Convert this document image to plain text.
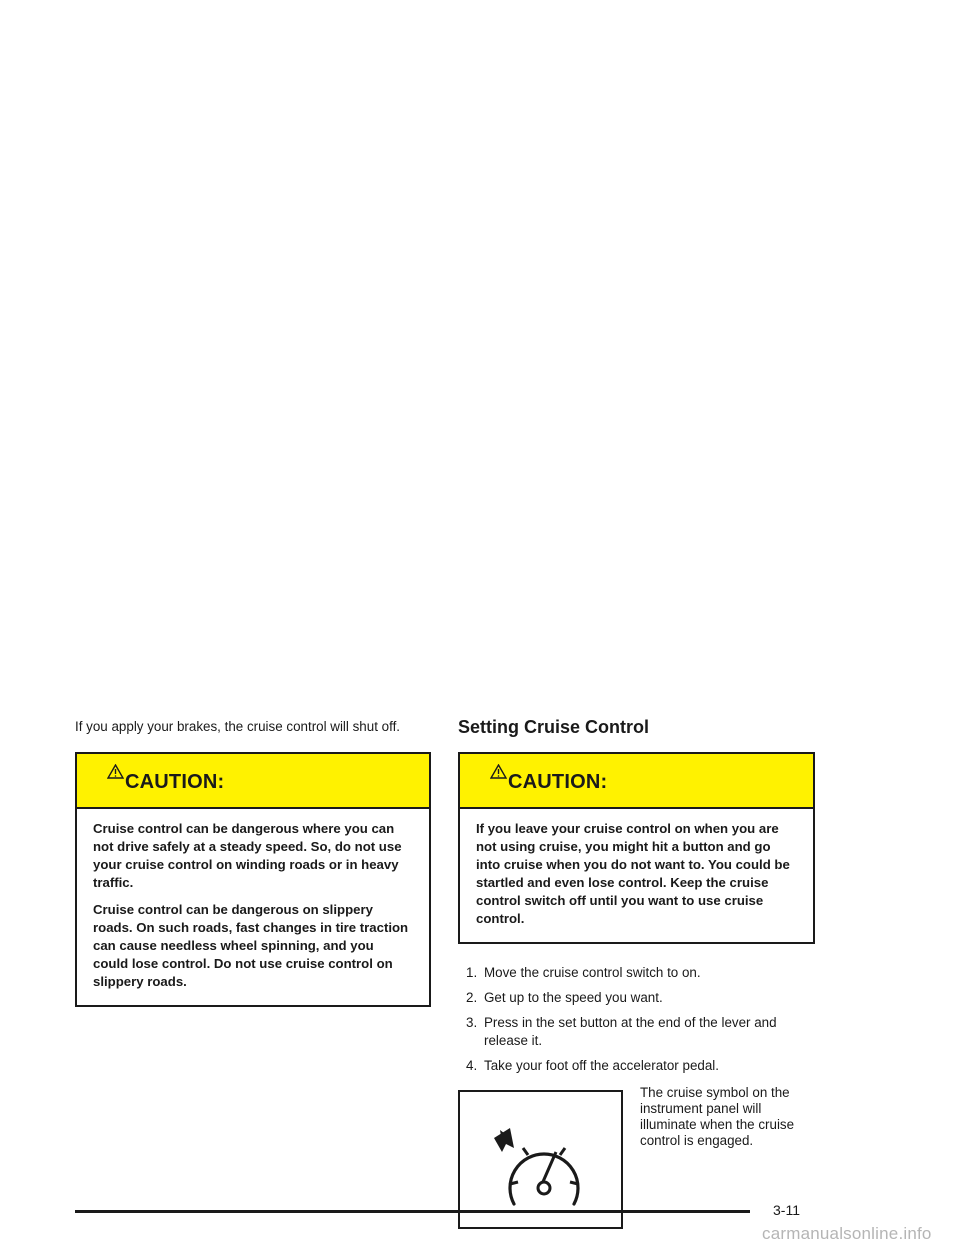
If you apply your brakes, the cruise control will shut off.

CAUTION:

Cruise control can be dangerous where you can not drive safely at a steady speed. So, do not use your cruise control on winding roads or in heavy traffic.

Cruise control can be dangerous on slippery roads. On such roads, fast changes in tire traction can cause needless wheel spinning, and you could lose control. Do not use cruise control on slippery roads.

Setting Cruise Control
CAUTION:

If you leave your cruise control on when you are not using cruise, you might hit a button and go into cruise when you do not want to. You could be startled and even lose control. Keep the cruise control switch off until you want to use cruise control.

1. Move the cruise control switch to on.
2. Get up to the speed you want.
3. Press in the set button at the end of the lever and release it.
4. Take your foot off the accelerator pedal.
The cruise symbol on the instrument panel will illuminate when the cruise control is engaged.
3-11
carmanualsonline.info
